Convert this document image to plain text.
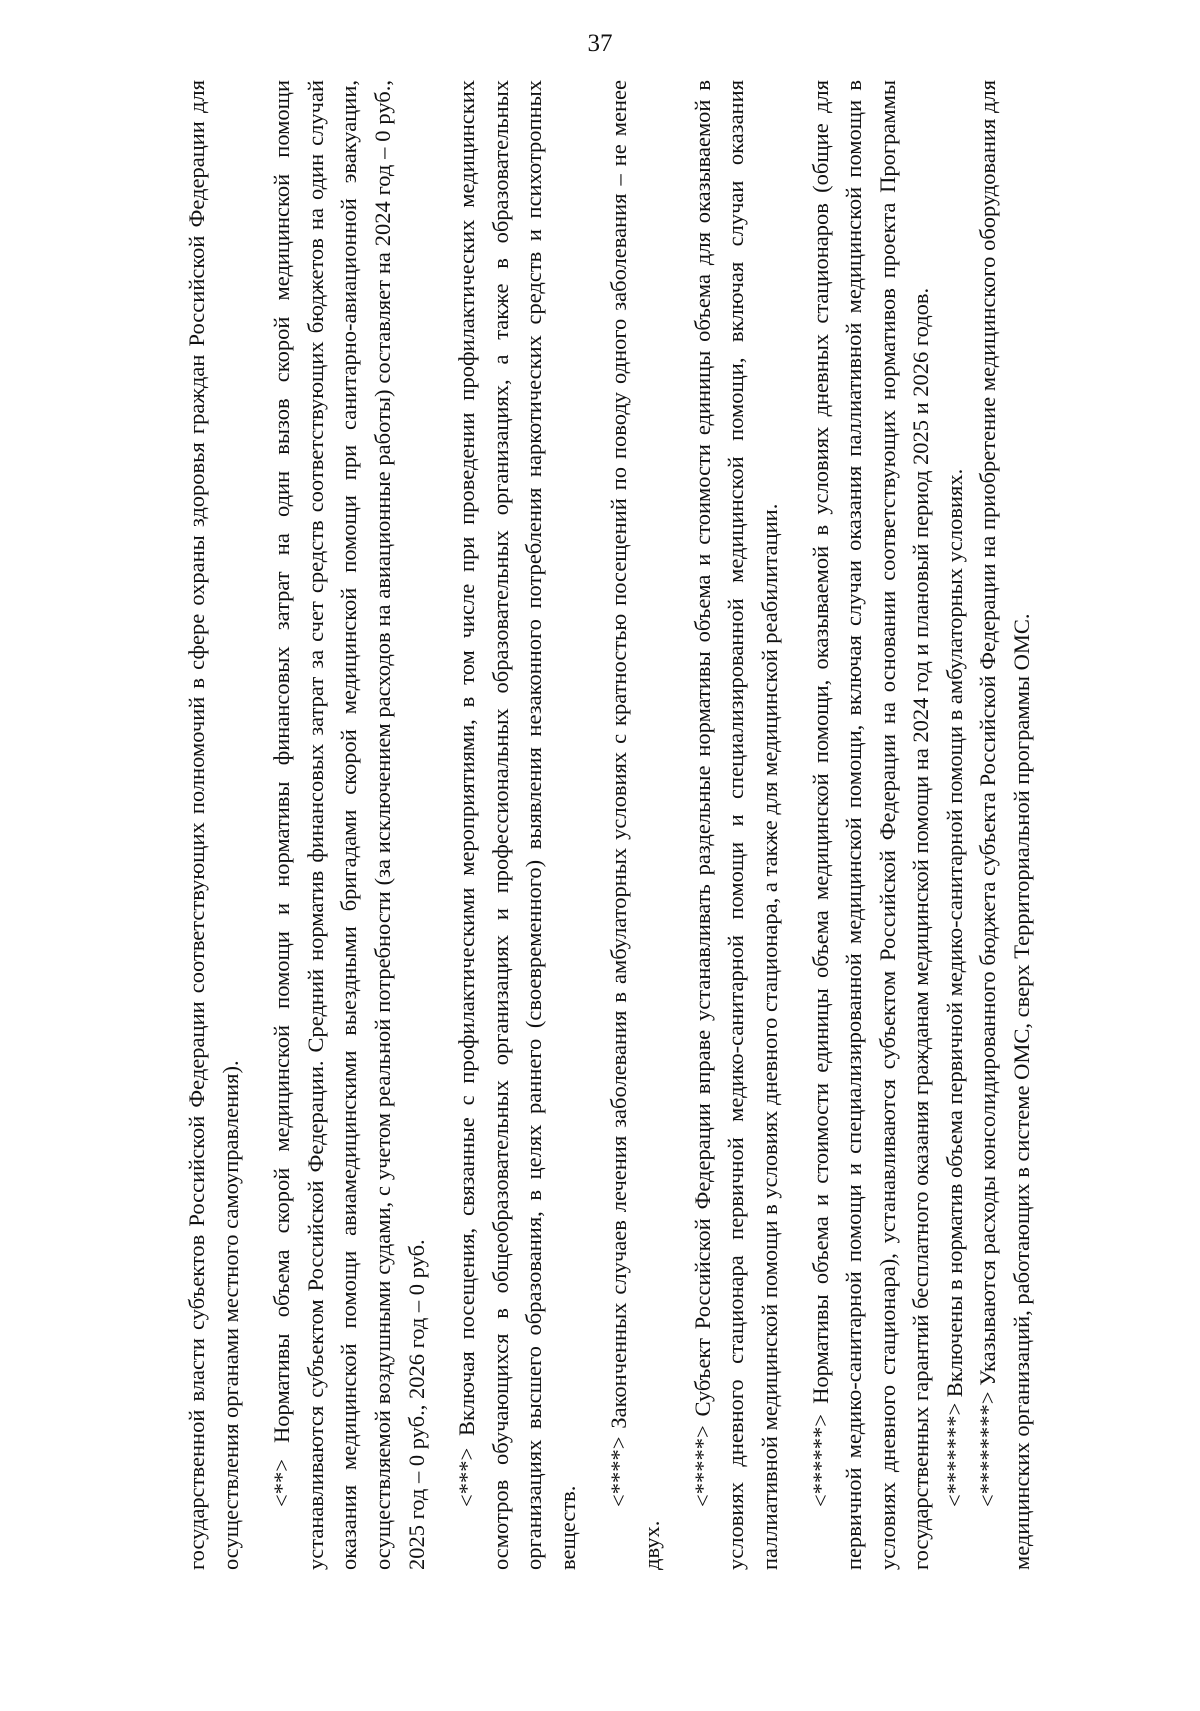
37

государственной власти субъектов Российской Федерации соответствующих полномочий в сфере охраны здоровья граждан Российской Федерации для осуществления органами местного самоуправления). <**> Нормативы объема скорой медицинской помощи и нормативы финансовых затрат на один вызов скорой медицинской помощи устанавливаются субъектом Российской Федерации. Средний норматив финансовых затрат за счет средств соответствующих бюджетов на один случай оказания медицинской помощи авиамедицинскими выездными бригадами скорой медицинской помощи при санитарно-авиационной эвакуации, осуществляемой воздушными судами, с учетом реальной потребности (за исключением расходов на авиационные работы) составляет на 2024 год – 0 руб., 2025 год – 0 руб., 2026 год – 0 руб. <***> Включая посещения, связанные с профилактическими мероприятиями, в том числе при проведении профилактических медицинских осмотров обучающихся в общеобразовательных организациях и профессиональных образовательных организациях, а также в образовательных организациях высшего образования, в целях раннего (своевременного) выявления незаконного потребления наркотических средств и психотропных веществ.

<****> Законченных случаев лечения заболевания в амбулаторных условиях с кратностью посещений по поводу одного заболевания – не менее двух.

<*****> Субъект Российской Федерации вправе устанавливать раздельные нормативы объема и стоимости единицы объема для оказываемой в условиях дневного стационара первичной медико-санитарной помощи и специализированной медицинской помощи, включая случаи оказания паллиативной медицинской помощи в условиях дневного стационара, а также для медицинской реабилитации. <******> Нормативы объема и стоимости единицы объема медицинской помощи, оказываемой в условиях дневных стационаров (общие для первичной медико-санитарной помощи и специализированной медицинской помощи, включая случаи оказания паллиативной медицинской помощи в условиях дневного стационара), устанавливаются субъектом Российской Федерации на основании соответствующих нормативов проекта Программы государственных гарантий бесплатного оказания гражданам медицинской помощи на 2024 год и плановый период 2025 и 2026 годов. <*******> Включены в норматив объема первичной медико-санитарной помощи в амбулаторных условиях. <********> Указываются расходы консолидированного бюджета субъекта Российской Федерации на приобретение медицинского оборудования для медицинских организаций, работающих в системе ОМС, сверх Территориальной программы ОМС.
